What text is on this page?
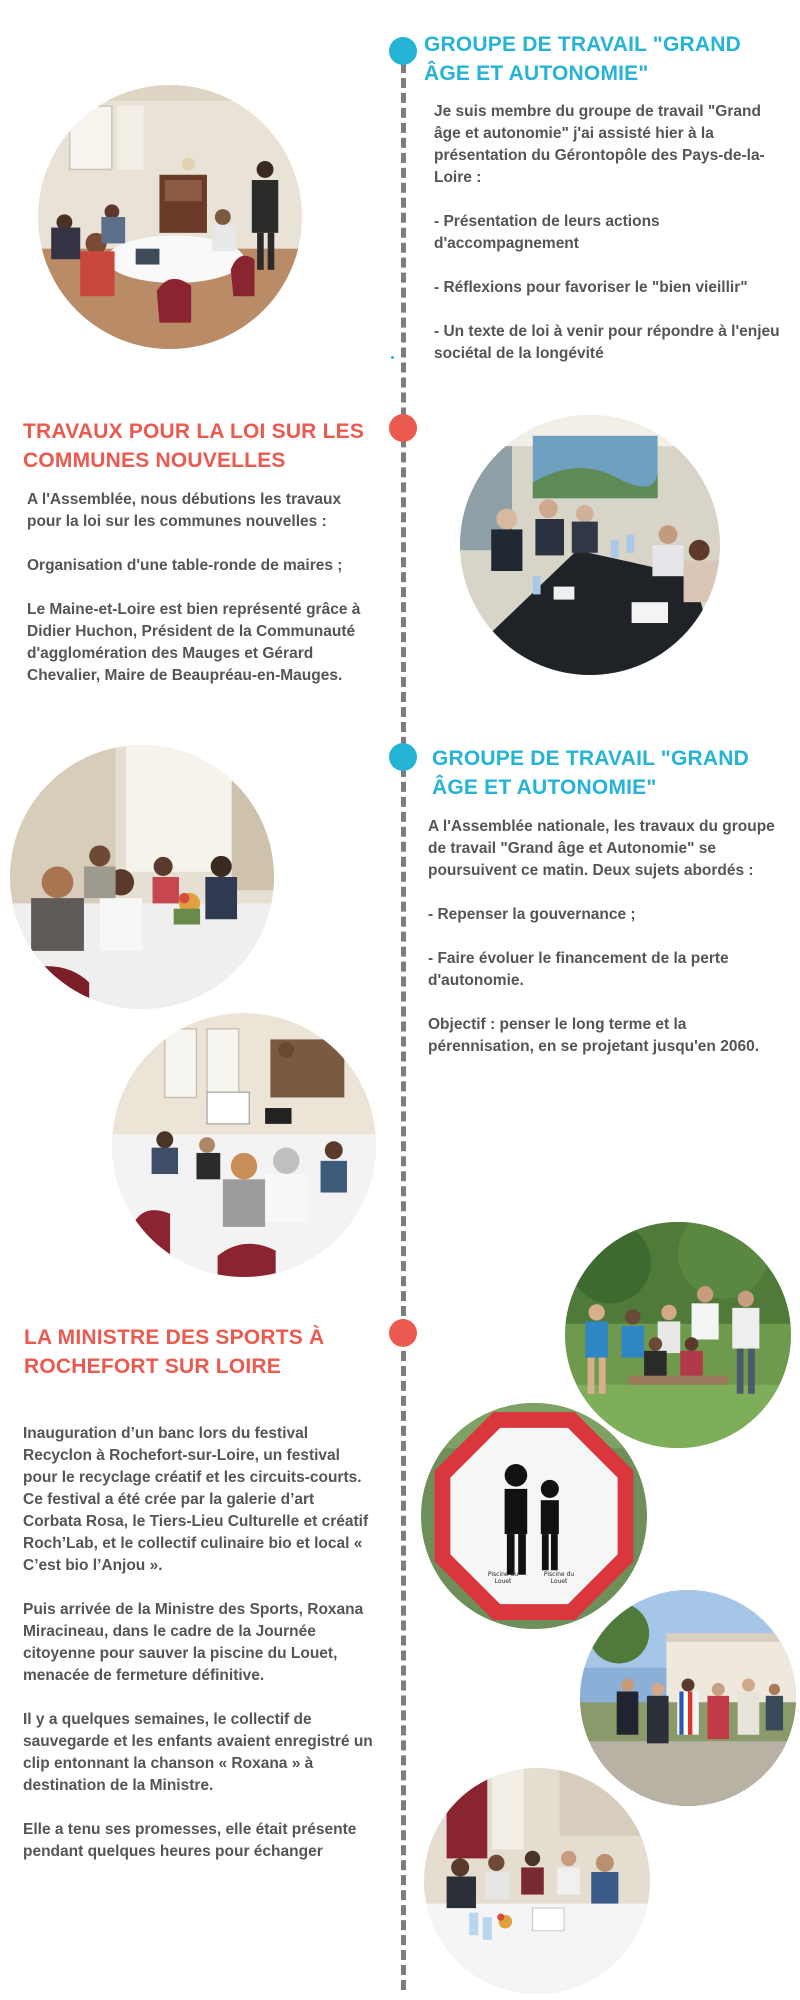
GROUPE DE TRAVAIL "GRAND ÂGE ET AUTONOMIE"

Je suis membre du groupe de travail "Grand âge et autonomie" j'ai assisté hier à la présentation du Gérontopôle des Pays-de-la-Loire :

- Présentation de leurs actions d'accompagnement

- Réflexions pour favoriser le "bien vieillir"

- Un texte de loi à venir pour répondre à l'enjeu sociétal de la longévité

TRAVAUX POUR LA LOI SUR LES COMMUNES NOUVELLES

A l'Assemblée, nous débutions les travaux pour la loi sur les communes nouvelles :

Organisation d'une table-ronde de maires ;

Le Maine-et-Loire est bien représenté grâce à Didier Huchon, Président de la Communauté d'agglomération des Mauges et Gérard Chevalier, Maire de Beaupréau-en-Mauges.

GROUPE DE TRAVAIL "GRAND ÂGE ET AUTONOMIE"

A l'Assemblée nationale, les travaux du groupe de travail "Grand âge et Autonomie" se poursuivent ce matin. Deux sujets abordés :

- Repenser la gouvernance ;

- Faire évoluer le financement de la perte d'autonomie.

Objectif : penser le long terme et la pérennisation, en se projetant jusqu'en 2060.

LA MINISTRE DES SPORTS À ROCHEFORT SUR LOIRE

Inauguration d’un banc lors du festival Recyclon à Rochefort-sur-Loire, un festival pour le recyclage créatif et les circuits-courts. Ce festival a été crée par la galerie d’art Corbata Rosa, le Tiers-Lieu Culturelle et créatif Roch’Lab, et le collectif culinaire bio et local « C’est bio l’Anjou ».

Puis arrivée de la Ministre des Sports, Roxana Miracineau, dans le cadre de la Journée citoyenne pour sauver la piscine du Louet, menacée de fermeture définitive.

Il y a quelques semaines, le collectif de sauvegarde et les enfants avaient enregistré un clip entonnant la chanson « Roxana » à destination de la Ministre.

Elle a tenu ses promesses, elle était présente pendant quelques heures pour échanger

Piscine du Louet
Piscine du Louet
